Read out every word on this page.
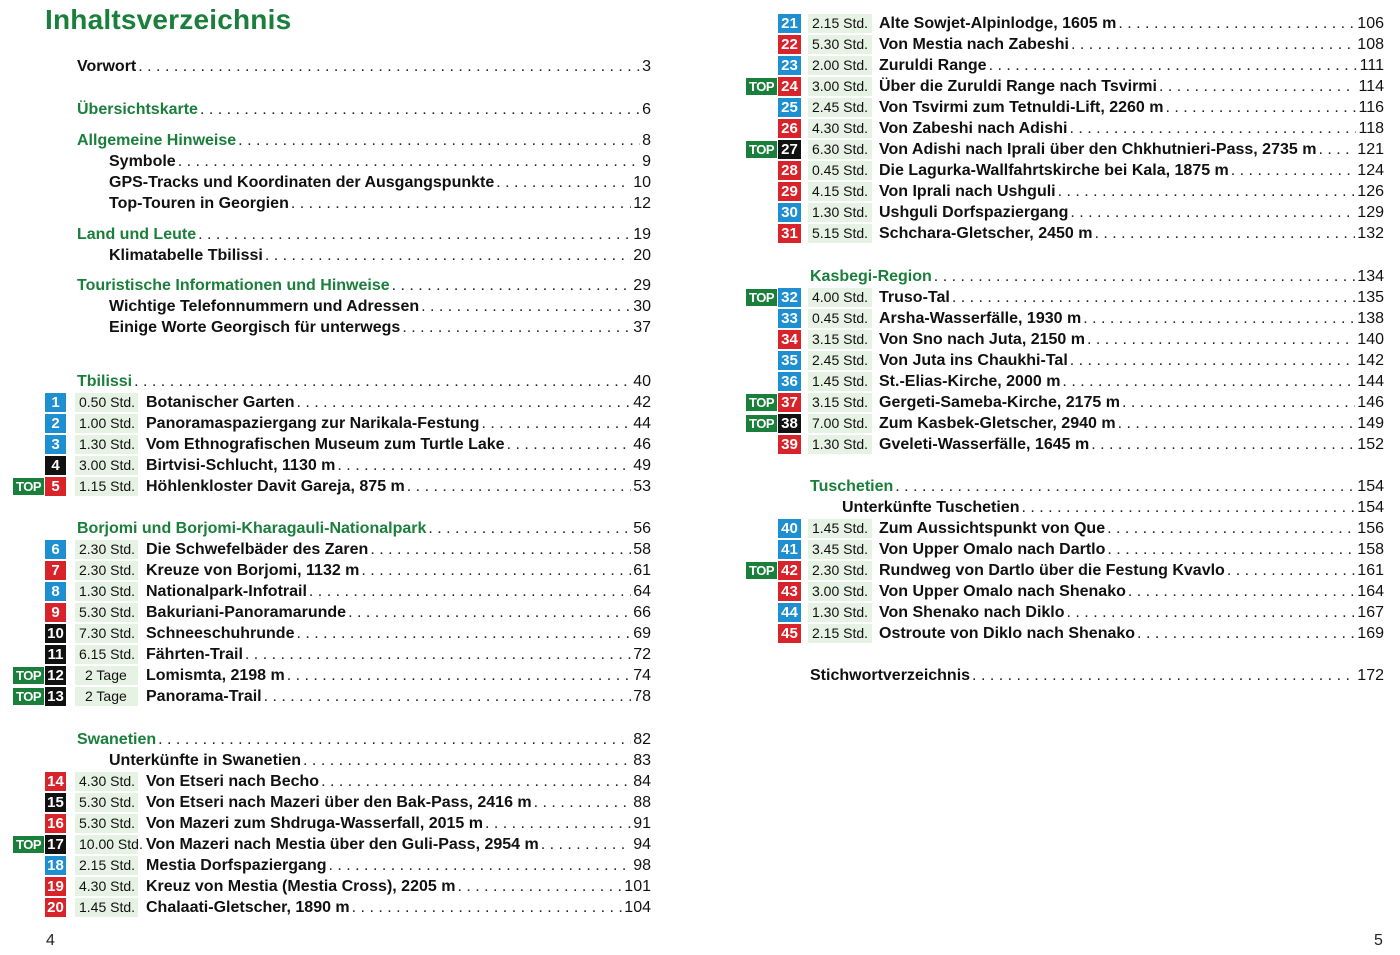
Inhaltsverzeichnis
Vorwort . . .	3
Übersichtskarte . . .	6
Allgemeine Hinweise . . .	8
Symbole . . .	9
GPS-Tracks und Koordinaten der Ausgangspunkte . . .	10
Top-Touren in Georgien . . .	12
Land und Leute . . .	19
Klimatabelle Tbilissi . . .	20
Touristische Informationen und Hinweise . . .	29
Wichtige Telefonnummern und Adressen . . .	30
Einige Worte Georgisch für unterwegs . . .	37
Tbilissi . . .	40
1	0.50 Std. Botanischer Garten . . .	42
2	1.00 Std. Panoramaspaziergang zur Narikala-Festung . . .	44
3	1.30 Std. Vom Ethnografischen Museum zum Turtle Lake . . .	46
4	3.00 Std. Birtvisi-Schlucht, 1130 m . . .	49
TOP 5	1.15 Std. Höhlenkloster Davit Gareja, 875 m . . .	53
Borjomi und Borjomi-Kharagauli-Nationalpark . . .	56
6	2.30 Std. Die Schwefelbäder des Zaren . . .	58
7	2.30 Std. Kreuze von Borjomi, 1132 m . . .	61
8	1.30 Std. Nationalpark-Infotrail . . .	64
9	5.30 Std. Bakuriani-Panoramarunde . . .	66
10 7.30 Std. Schneeschuhrunde . . .	69
11 6.15 Std. Fährten-Trail . . .	72
TOP 12	2 Tage	Lomismta, 2198 m . . .	74
TOP 13	2 Tage	Panorama-Trail . . .	78
Swanetien . . .	82
Unterkünfte in Swanetien . . .	83
14 4.30 Std. Von Etseri nach Becho . . .	84
15 5.30 Std. Von Etseri nach Mazeri über den Bak-Pass, 2416 m . . .	88
16 5.30 Std. Von Mazeri zum Shdruga-Wasserfall, 2015 m . . .	91
TOP 17 10.00 Std. Von Mazeri nach Mestia über den Guli-Pass, 2954 m . . .	94
18 2.15 Std. Mestia Dorfspaziergang . . .	98
19 4.30 Std. Kreuz von Mestia (Mestia Cross), 2205 m . . .	101
20 1.45 Std. Chalaati-Gletscher, 1890 m . . .	104
21 2.15 Std. Alte Sowjet-Alpinlodge, 1605 m . . .	106
22 5.30 Std. Von Mestia nach Zabeshi . . .	108
23 2.00 Std. Zuruldi Range . . .	111
TOP 24 3.00 Std. Über die Zuruldi Range nach Tsvirmi . . .	114
25 2.45 Std. Von Tsvirmi zum Tetnuldi-Lift, 2260 m . . .	116
26 4.30 Std. Von Zabeshi nach Adishi . . .	118
TOP 27 6.30 Std. Von Adishi nach Iprali über den Chkhutnieri-Pass, 2735 m . . .	121
28 0.45 Std. Die Lagurka-Wallfahrtskirche bei Kala, 1875 m . . .	124
29 4.15 Std. Von Iprali nach Ushguli . . .	126
30 1.30 Std. Ushguli Dorfspaziergang . . .	129
31 5.15 Std. Schchara-Gletscher, 2450 m . . .	132
Kasbegi-Region . . .	134
TOP 32 4.00 Std. Truso-Tal . . .	135
33 0.45 Std. Arsha-Wasserfälle, 1930 m . . .	138
34 3.15 Std. Von Sno nach Juta, 2150 m . . .	140
35 2.45 Std. Von Juta ins Chaukhi-Tal . . .	142
36 1.45 Std. St.-Elias-Kirche, 2000 m . . .	144
TOP 37 3.15 Std. Gergeti-Sameba-Kirche, 2175 m . . .	146
TOP 38 7.00 Std. Zum Kasbek-Gletscher, 2940 m . . .	149
39 1.30 Std. Gveleti-Wasserfälle, 1645 m . . .	152
Tuschetien . . .	154
Unterkünfte Tuschetien . . .	154
40 1.45 Std. Zum Aussichtspunkt von Que . . .	156
41 3.45 Std. Von Upper Omalo nach Dartlo . . .	158
TOP 42 2.30 Std. Rundweg von Dartlo über die Festung Kvavlo . . .	161
43 3.00 Std. Von Upper Omalo nach Shenako . . .	164
44 1.30 Std. Von Shenako nach Diklo . . .	167
45 2.15 Std. Ostroute von Diklo nach Shenako . . .	169
Stichwortverzeichnis . . .	172
4	5
